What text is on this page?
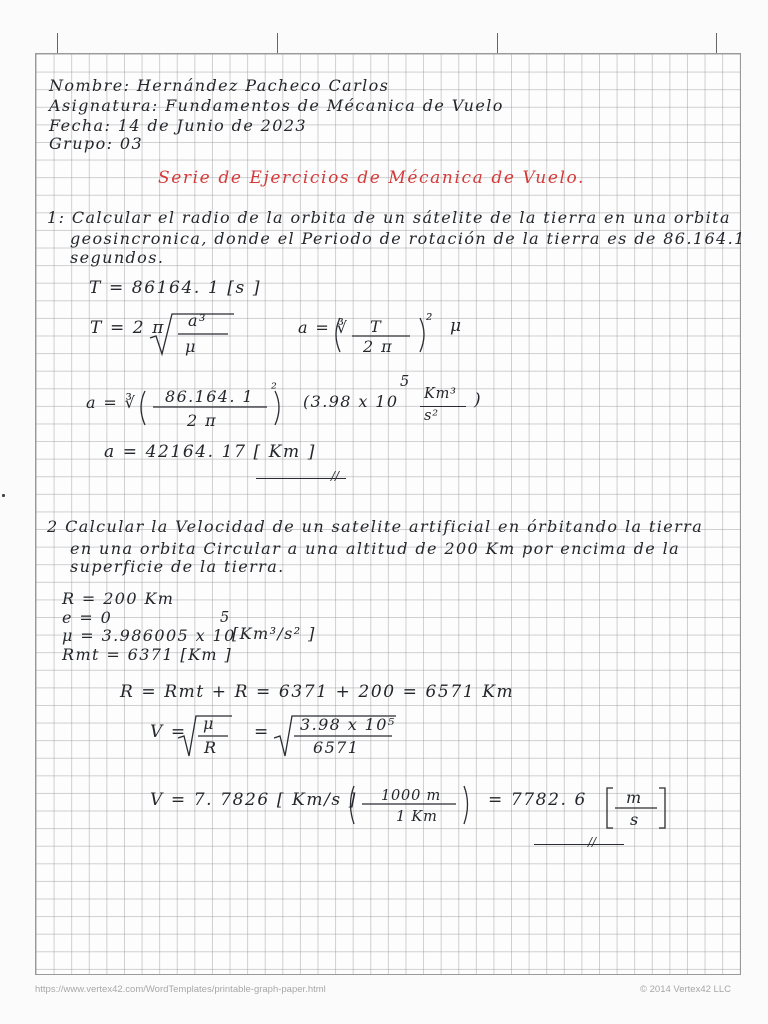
Nombre: Hernández Pacheco Carlos
Asignatura: Fundamentos de Mécanica de Vuelo
Fecha: 14 de Junio de 2023
Grupo: 03
Serie de Ejercicios de Mécanica de Vuelo.
1: Calcular el radio de la orbita de un sátelite de la tierra en una orbita
geosincronica, donde el Periodo de rotación de la tierra es de 86.164.1
segundos.
T = 86164. 1 [s ]
T = 2 π a³
μ
a = ∛ T
2 π
² μ
a = ∛ 86.164. 1
2 π
²
(3.98 x 10
5
Km³
s²
)
a = 42164. 17 [ Km ]
//
2 Calcular la Velocidad de un satelite artificial en órbitando la tierra
en una orbita Circular a una altitud de 200 Km por encima de la
superficie de la tierra.
R = 200 Km
e = 0
μ = 3.986005 x 10
5
[Km³/s² ]
Rmt = 6371 [Km ]
R = Rmt + R = 6371 + 200 = 6571 Km
V = μ
R
= 3.98 x 10⁵
6571
V = 7. 7826 [ Km/s ] 1000 m
1 Km
= 7782. 6 m
s
//
https://www.vertex42.com/WordTemplates/printable-graph-paper.html	© 2014 Vertex42 LLC
